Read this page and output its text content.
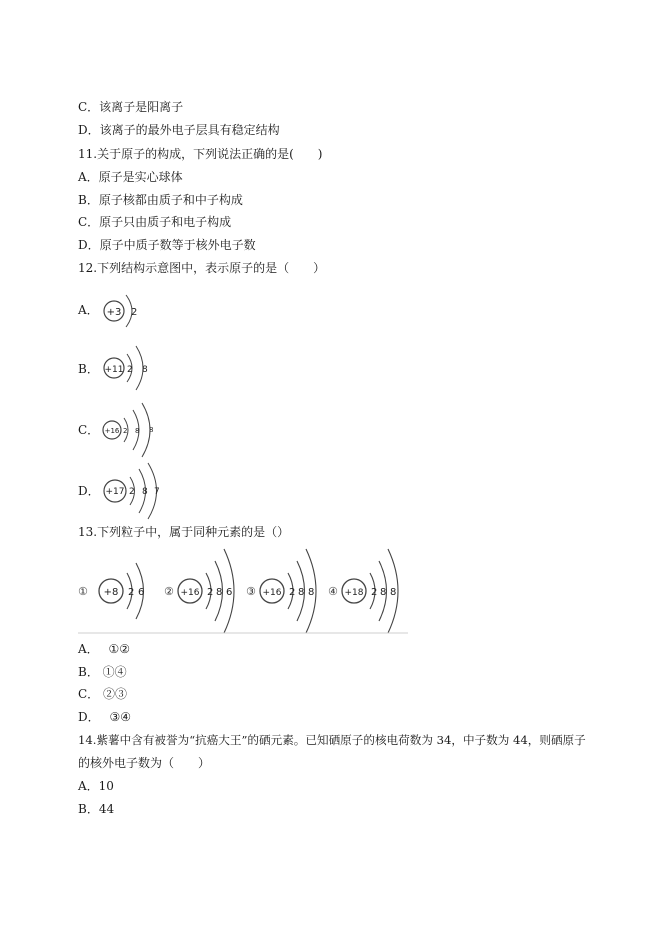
C．该离子是阳离子
D．该离子的最外电子层具有稳定结构
11.关于原子的构成，下列说法正确的是(　　)
A．原子是实心球体
B．原子核都由质子和中子构成
C．原子只由质子和电子构成
D．原子中质子数等于核外电子数
12.下列结构示意图中，表示原子的是（　　）
A． +3 2
B． +11 2 8
C． +16 2 8 8
D． +17 2 8 7
13.下列粒子中，属于同种元素的是（）
① +8 2 6 ② +16 2 8 6 ③ +16 2 8 8 ④ +18 2 8 8
A． ①②
B． ①④
C． ②③
D． ③④
14.紫薯中含有被誉为“抗癌大王”的硒元素。已知硒原子的核电荷数为 34，中子数为 44，则硒原子
的核外电子数为（　　）
A．10
B．44
